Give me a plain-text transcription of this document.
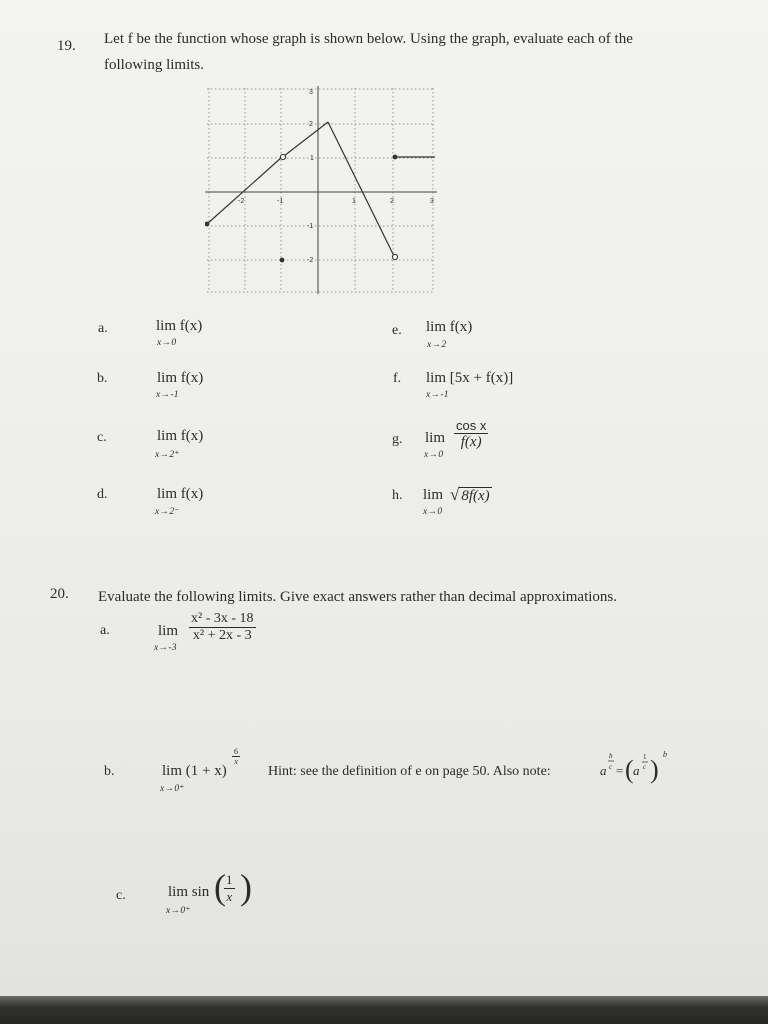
19. Let f be the function whose graph is shown below. Using the graph, evaluate each of the
following limits.
-2	-1	1	2	3
3
2
1
-1
-2
a.	lim f(x)
x→0
b.	lim f(x)
x→-1
c.	lim f(x)
x→2⁺
d.	lim f(x)
x→2⁻
e. lim f(x)
x→2
f. lim [5x + f(x)]
x→-1
g. $\lim \frac{\text{cos x}}{f(x)}$
x→0
h. lim √ 8f(x)
x→0
20. Evaluate the following limits. Give exact answers rather than decimal approximations.
a.	$\lim \frac{\text{x² - 3x - 18}}{\text{x² + 2x - 3}}$
x→-3
b.	lim (1 + x)
$\frac{6}{x}$
x→0⁺
Hint: see the definition of e on page 50. Also note:	a
b
c = ( a
1
c )
b
c.	lim sin (
$\frac{1}{x}$ )
x→0⁺
